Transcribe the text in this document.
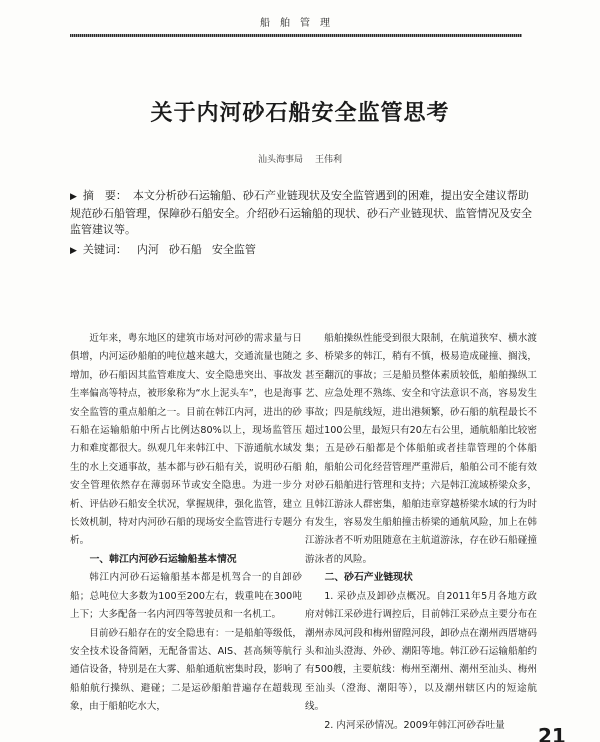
船舶管理
关于内河砂石船安全监管思考
汕头海事局 王伟利

▶ 摘　要： 本文分析砂石运输船、砂石产业链现状及安全监管遇到的困难，提出安全建议帮助规范砂石船管理，保障砂石船安全。介绍砂石运输船的现状、砂石产业链现状、监管情况及安全监管建议等。

▶ 关键词： 内河 砂石船 安全监管

近年来，粤东地区的建筑市场对河砂的需求量与日俱增，内河运砂船舶的吨位越来越大，交通流量也随之增加，砂石船因其监管难度大、安全隐患突出、事故发生率偏高等特点，被形象称为“水上泥头车”，也是海事安全监管的重点船舶之一。目前在韩江内河，进出的砂石船在运输船舶中所占比例达80%以上，现场监管压力和难度都很大。纵观几年来韩江中、下游通航水域发生的水上交通事故，基本都与砂石船有关，说明砂石船安全管理依然存在薄弱环节或安全隐患。为进一步分析、评估砂石船安全状况，掌握规律，强化监管，建立长效机制，特对内河砂石船的现场安全监管进行专题分析。

一、韩江内河砂石运输船基本情况

韩江内河砂石运输船基本都是机驾合一的自卸砂船；总吨位大多数为100至200左右，载重吨在300吨上下；大多配备一名内河四等驾驶员和一名机工。

目前砂石船存在的安全隐患有：一是船舶等级低，安全技术设备简陋，无配备雷达、AIS、甚高频等航行通信设备，特别是在大雾、船舶通航密集时段，影响了船舶航行操纵、避碰；二是运砂船舶普遍存在超载现象，由于船舶吃水大，

船舶操纵性能受到很大限制，在航道狭窄、横水渡多、桥梁多的韩江，稍有不慎，极易造成碰撞、搁浅，甚至翻沉的事故；三是船员整体素质较低，船舶操纵工艺、应急处理不熟练、安全和守法意识不高，容易发生事故；四是航线短，进出港频繁，砂石船的航程最长不超过100公里，最短只有20左右公里，通航船舶比较密集；五是砂石船都是个体船舶或者挂靠管理的个体船舶，船舶公司化经营管理严重滞后，船舶公司不能有效对砂石船舶进行管理和支持；六是韩江流域桥梁众多，且韩江游泳人群密集，船舶违章穿越桥梁水域的行为时有发生，容易发生船舶撞击桥梁的通航风险，加上在韩江游泳者不听劝阻随意在主航道游泳，存在砂石船碰撞游泳者的风险。

二、砂石产业链现状

1. 采砂点及卸砂点概况。自2011年5月各地方政府对韩江采砂进行调控后，目前韩江采砂点主要分布在潮州赤凤河段和梅州留隍河段，卸砂点在潮州西厝塘码头和汕头澄海、外砂、潮阳等地。韩江砂石运输船舶约有500艘，主要航线：梅州至潮州、潮州至汕头、梅州至汕头（澄海、潮阳等），以及潮州辖区内的短途航线。

2. 内河采砂情况。2009年韩江河砂吞吐量	21
